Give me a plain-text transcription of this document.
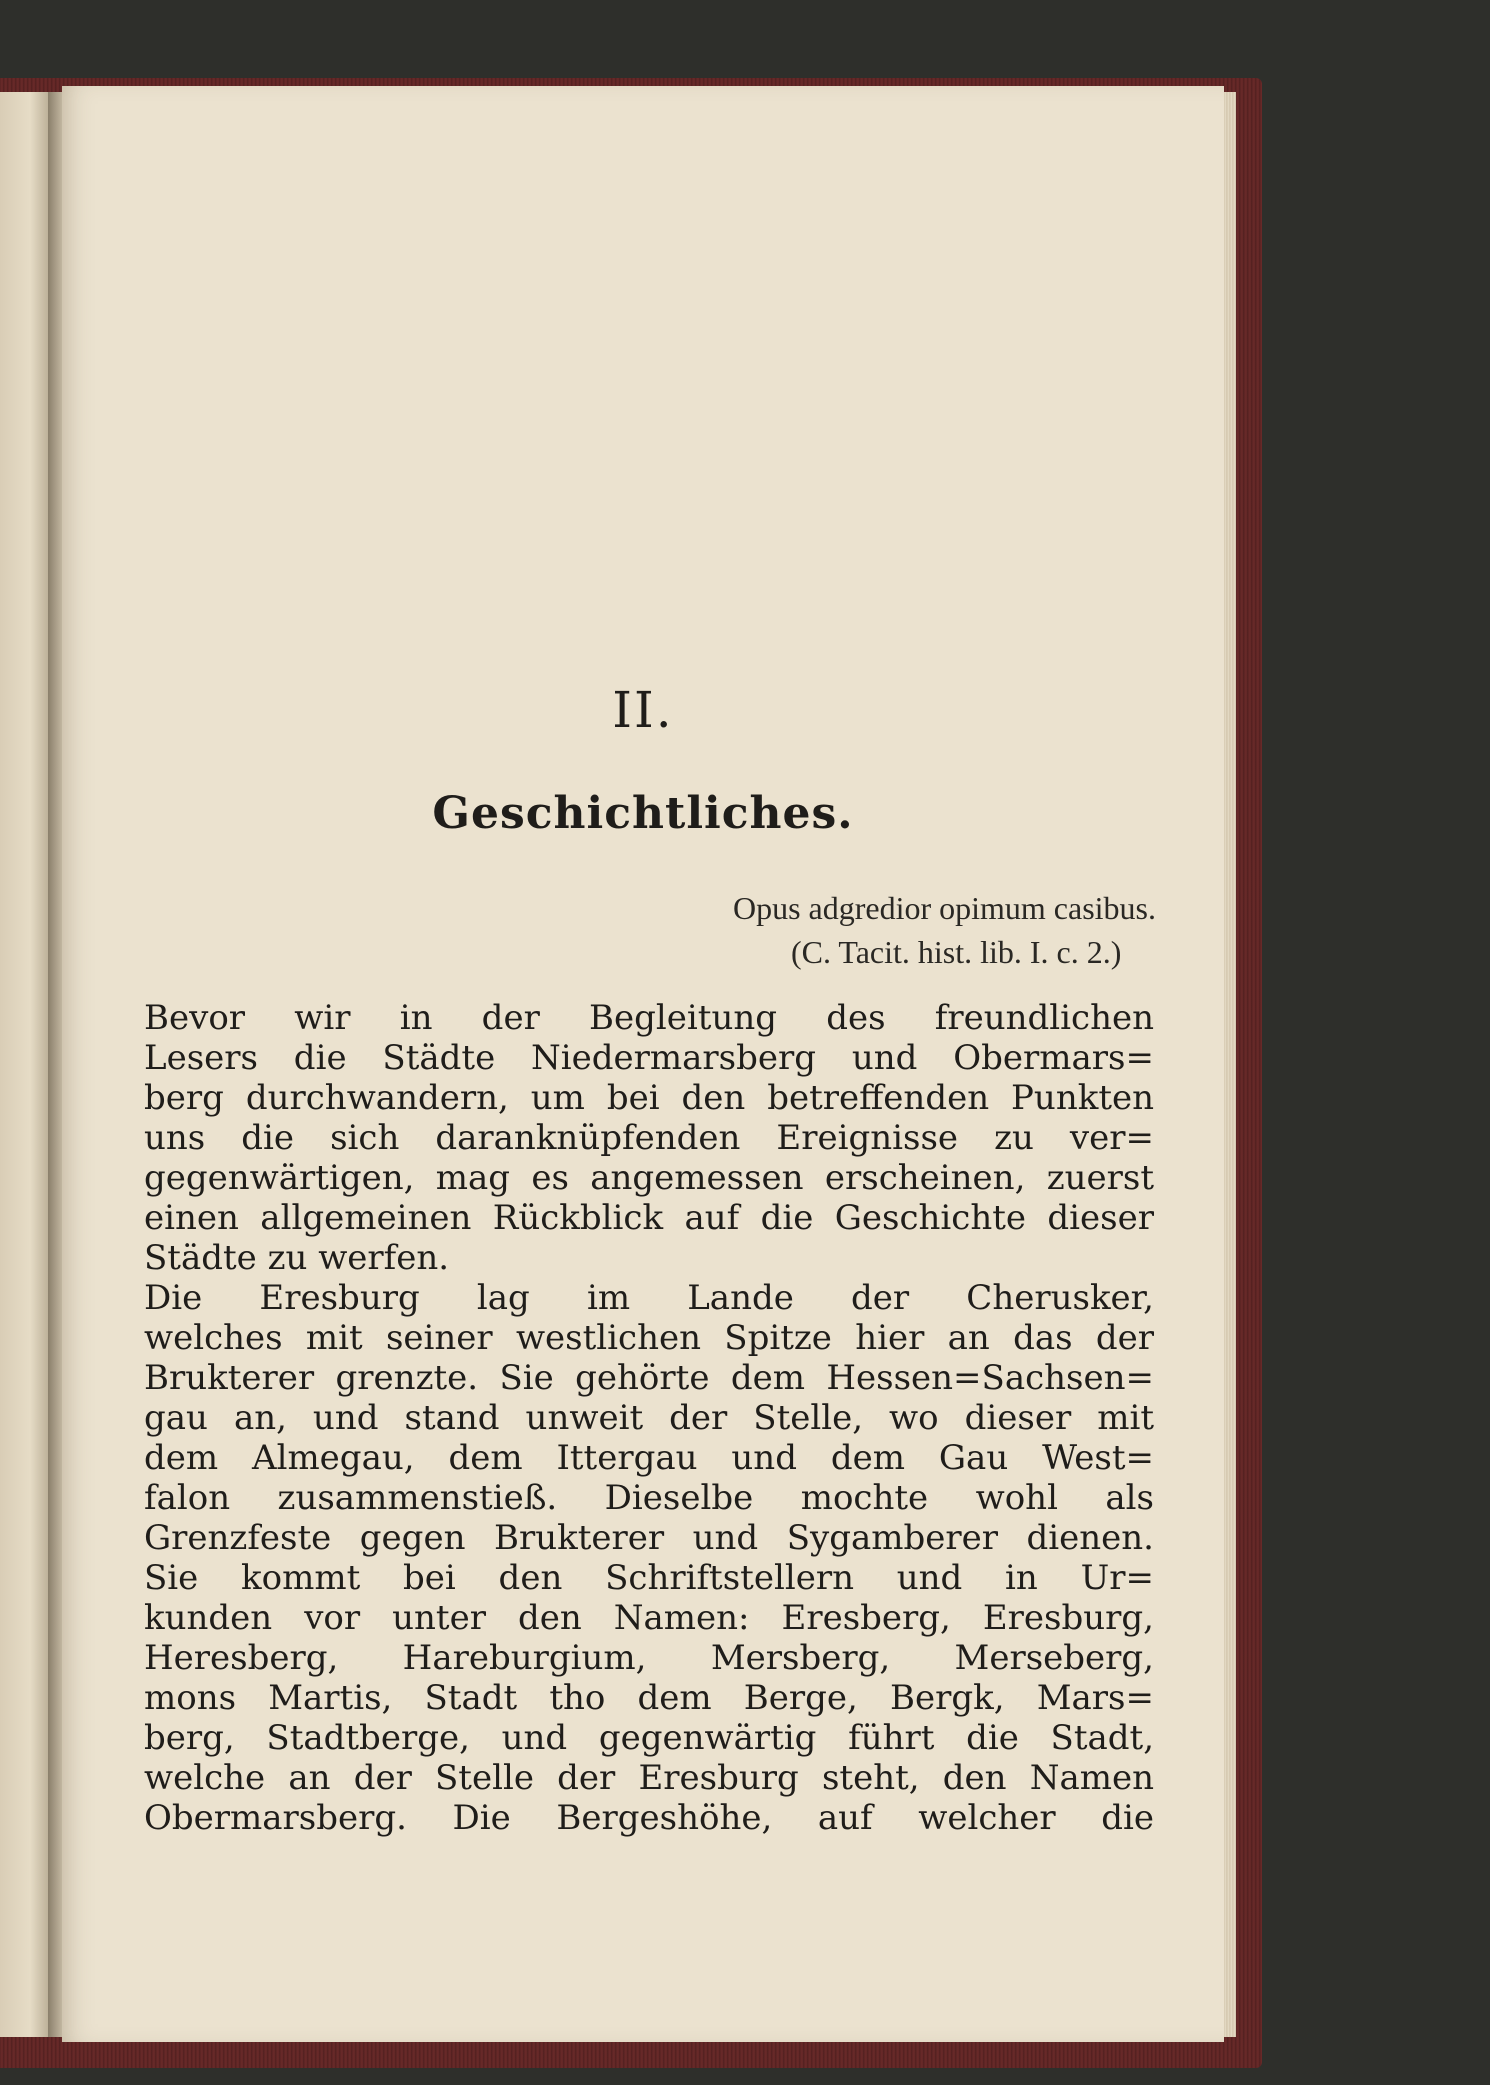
II.
Geschichtliches.
Opus adgredior opimum casibus.
(C. Tacit. hist. lib. I. c. 2.)
Bevor wir in der Begleitung des freundlichen
Lesers die Städte Niedermarsberg und Obermars=
berg durchwandern, um bei den betreffenden Punkten
uns die sich daranknüpfenden Ereignisse zu ver=
gegenwärtigen, mag es angemessen erscheinen, zuerst
einen allgemeinen Rückblick auf die Geschichte dieser
Städte zu werfen.
Die Eresburg lag im Lande der Cherusker,
welches mit seiner westlichen Spitze hier an das der
Brukterer grenzte. Sie gehörte dem Hessen=Sachsen=
gau an, und stand unweit der Stelle, wo dieser mit
dem Almegau, dem Ittergau und dem Gau West=
falon zusammenstieß. Dieselbe mochte wohl als
Grenzfeste gegen Brukterer und Sygamberer dienen.
Sie kommt bei den Schriftstellern und in Ur=
kunden vor unter den Namen: Eresberg, Eresburg,
Heresberg, Hareburgium, Mersberg, Merseberg,
mons Martis, Stadt tho dem Berge, Bergk, Mars=
berg, Stadtberge, und gegenwärtig führt die Stadt,
welche an der Stelle der Eresburg steht, den Namen
Obermarsberg. Die Bergeshöhe, auf welcher die
